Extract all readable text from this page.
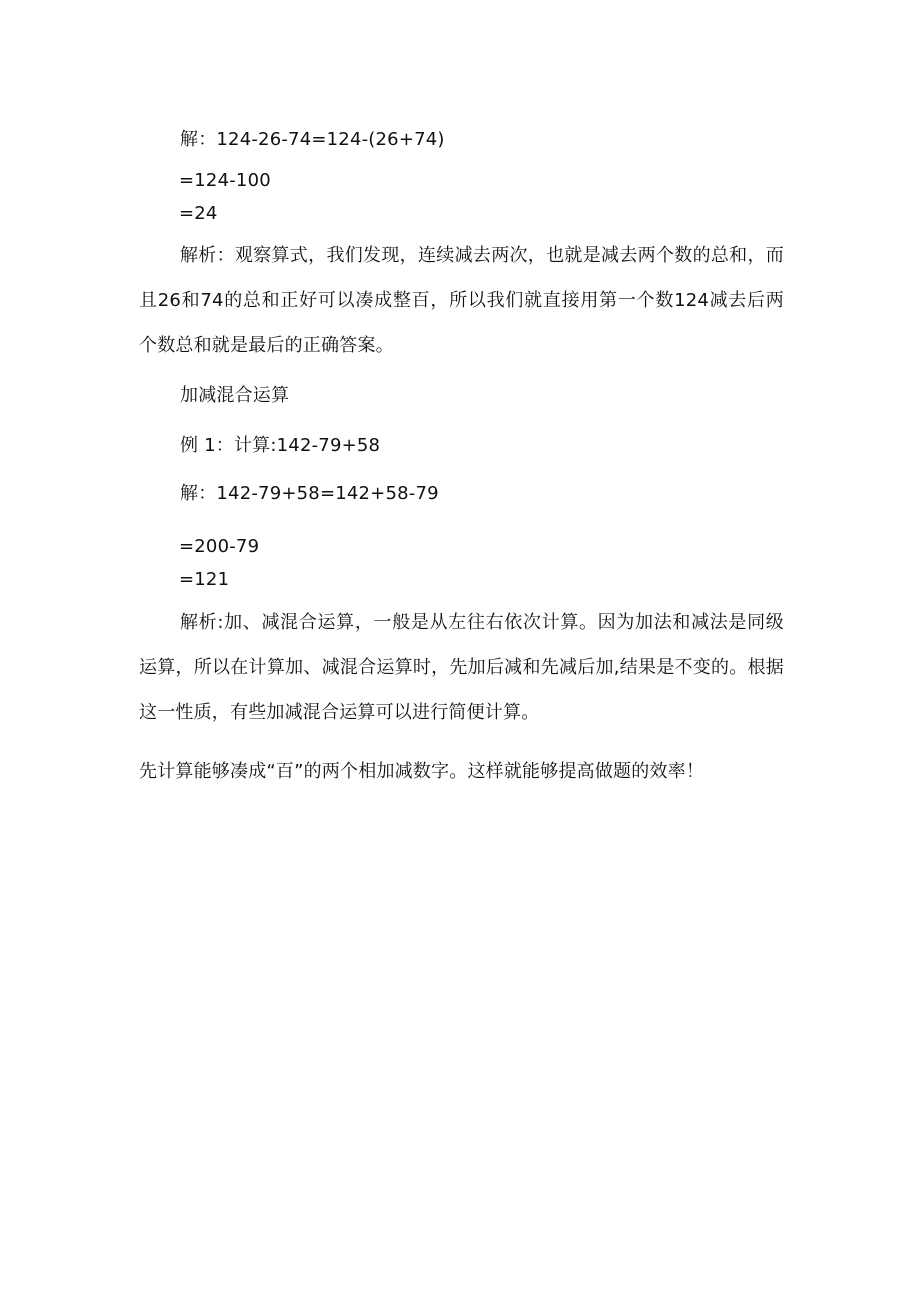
解：124-26-74=124-(26+74)
=124-100
=24
解析：观察算式，我们发现，连续减去两次，也就是减去两个数的总和，而且26和74的总和正好可以凑成整百，所以我们就直接用第一个数124减去后两个数总和就是最后的正确答案。
加减混合运算
例 1：计算:142-79+58
解：142-79+58=142+58-79
=200-79
=121
解析:加、减混合运算，一般是从左往右依次计算。因为加法和减法是同级运算，所以在计算加、减混合运算时，先加后减和先减后加,结果是不变的。根据这一性质，有些加减混合运算可以进行简便计算。
先计算能够凑成“百”的两个相加减数字。这样就能够提高做题的效率！
